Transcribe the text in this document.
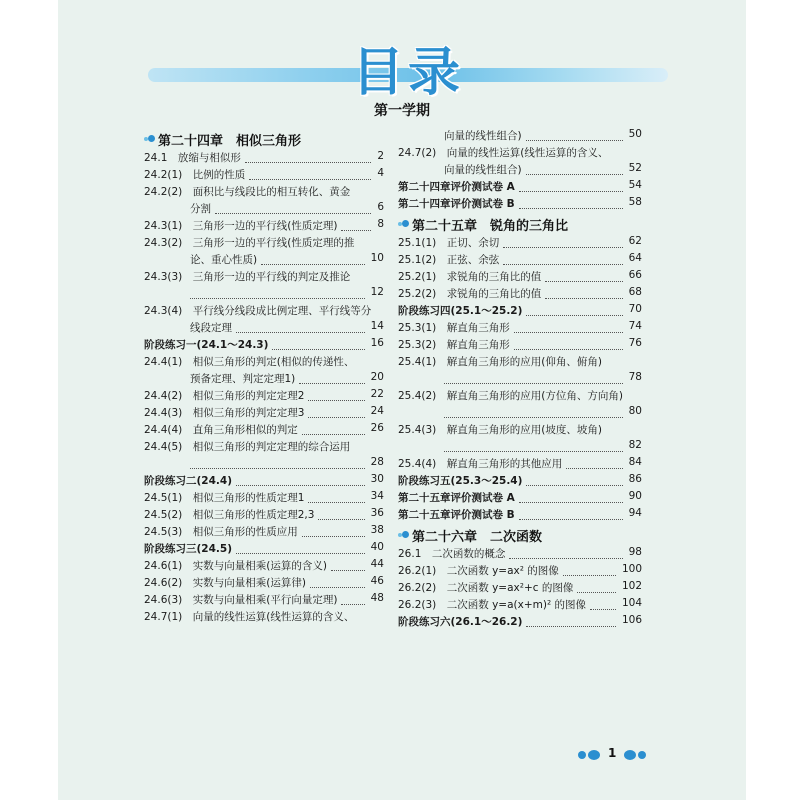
目录
第一学期
第二十四章　相似三角形
24.1　放缩与相似形	2
24.2(1)　比例的性质	4
24.2(2)　面积比与线段比的相互转化、黄金
分割	6
24.3(1)　三角形一边的平行线(性质定理)	8
24.3(2)　三角形一边的平行线(性质定理的推
论、重心性质)	10
24.3(3)　三角形一边的平行线的判定及推论
12
24.3(4)　平行线分线段成比例定理、平行线等分
线段定理	14
阶段练习一(24.1～24.3)	16
24.4(1)　相似三角形的判定(相似的传递性、
预备定理、判定定理1)	20
24.4(2)　相似三角形的判定定理2	22
24.4(3)　相似三角形的判定定理3	24
24.4(4)　直角三角形相似的判定	26
24.4(5)　相似三角形的判定定理的综合运用
28
阶段练习二(24.4)	30
24.5(1)　相似三角形的性质定理1	34
24.5(2)　相似三角形的性质定理2,3	36
24.5(3)　相似三角形的性质应用	38
阶段练习三(24.5)	40
24.6(1)　实数与向量相乘(运算的含义)	44
24.6(2)　实数与向量相乘(运算律)	46
24.6(3)　实数与向量相乘(平行向量定理)	48
24.7(1)　向量的线性运算(线性运算的含义、
向量的线性组合)	50
24.7(2)　向量的线性运算(线性运算的含义、
向量的线性组合)	52
第二十四章评价测试卷 A	54
第二十四章评价测试卷 B	58
第二十五章　锐角的三角比
25.1(1)　正切、余切	62
25.1(2)　正弦、余弦	64
25.2(1)　求锐角的三角比的值	66
25.2(2)　求锐角的三角比的值	68
阶段练习四(25.1～25.2)	70
25.3(1)　解直角三角形	74
25.3(2)　解直角三角形	76
25.4(1)　解直角三角形的应用(仰角、俯角)
78
25.4(2)　解直角三角形的应用(方位角、方向角)
80
25.4(3)　解直角三角形的应用(坡度、坡角)
82
25.4(4)　解直角三角形的其他应用	84
阶段练习五(25.3～25.4)	86
第二十五章评价测试卷 A	90
第二十五章评价测试卷 B	94
第二十六章　二次函数
26.1　二次函数的概念	98
26.2(1)　二次函数 y=ax² 的图像	100
26.2(2)　二次函数 y=ax²+c 的图像	102
26.2(3)　二次函数 y=a(x+m)² 的图像	104
阶段练习六(26.1～26.2)	106
1
